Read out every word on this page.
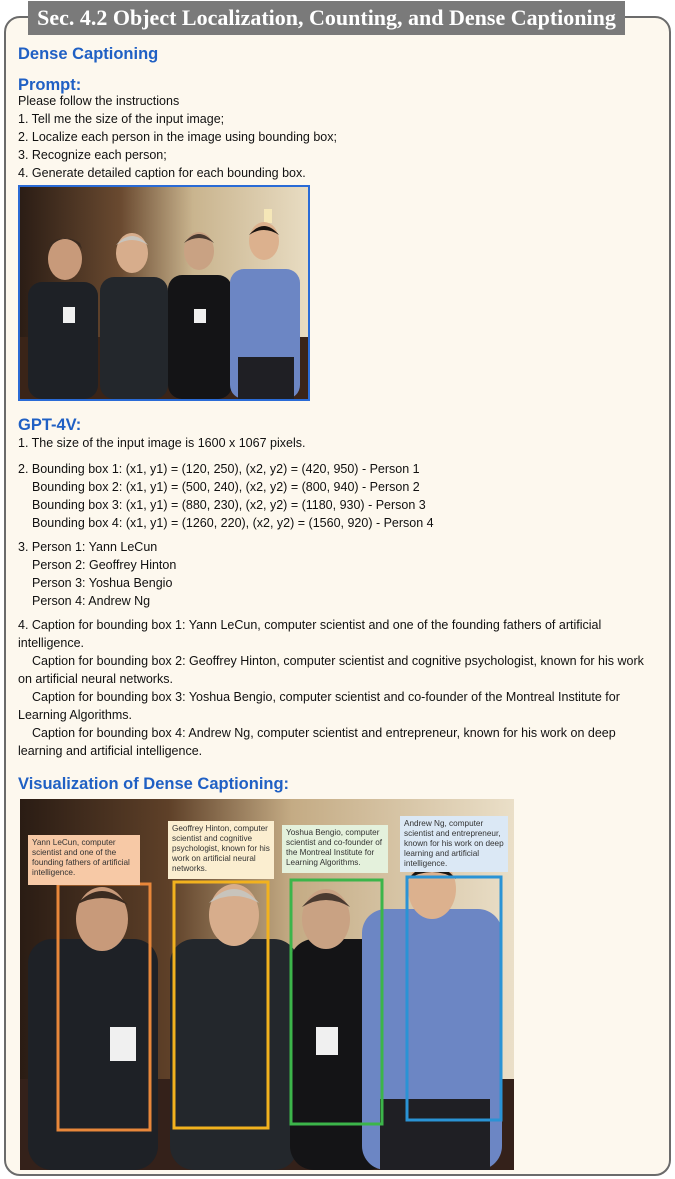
Sec. 4.2 Object Localization, Counting, and Dense Captioning
Dense Captioning
Prompt:

Please follow the instructions

1. Tell me the size of the input image;

2. Localize each person in the image using bounding box;

3. Recognize each person;

4. Generate detailed caption for each bounding box.

GPT-4V:

1. The size of the input image is 1600 x 1067 pixels.

2. Bounding box 1: (x1, y1) = (120, 250), (x2, y2) = (420, 950) - Person 1

Bounding box 2: (x1, y1) = (500, 240), (x2, y2) = (800, 940) - Person 2

Bounding box 3: (x1, y1) = (880, 230), (x2, y2) = (1180, 930) - Person 3

Bounding box 4: (x1, y1) = (1260, 220), (x2, y2) = (1560, 920) - Person 4

3. Person 1: Yann LeCun

Person 2: Geoffrey Hinton

Person 3: Yoshua Bengio

Person 4: Andrew Ng

4. Caption for bounding box 1: Yann LeCun, computer scientist and one of the founding fathers of artificial intelligence.

Caption for bounding box 2: Geoffrey Hinton, computer scientist and cognitive psychologist, known for his work on artificial neural networks.

Caption for bounding box 3: Yoshua Bengio, computer scientist and co-founder of the Montreal Institute for Learning Algorithms.

Caption for bounding box 4: Andrew Ng, computer scientist and entrepreneur, known for his work on deep learning and artificial intelligence.

Visualization of Dense Captioning:
Yann LeCun, computer scientist and one of the founding fathers of artificial intelligence.
Geoffrey Hinton, computer scientist and cognitive psychologist, known for his work on artificial neural networks.
Yoshua Bengio, computer scientist and co-founder of the Montreal Institute for Learning Algorithms.
Andrew Ng, computer scientist and entrepreneur, known for his work on deep learning and artificial intelligence.
